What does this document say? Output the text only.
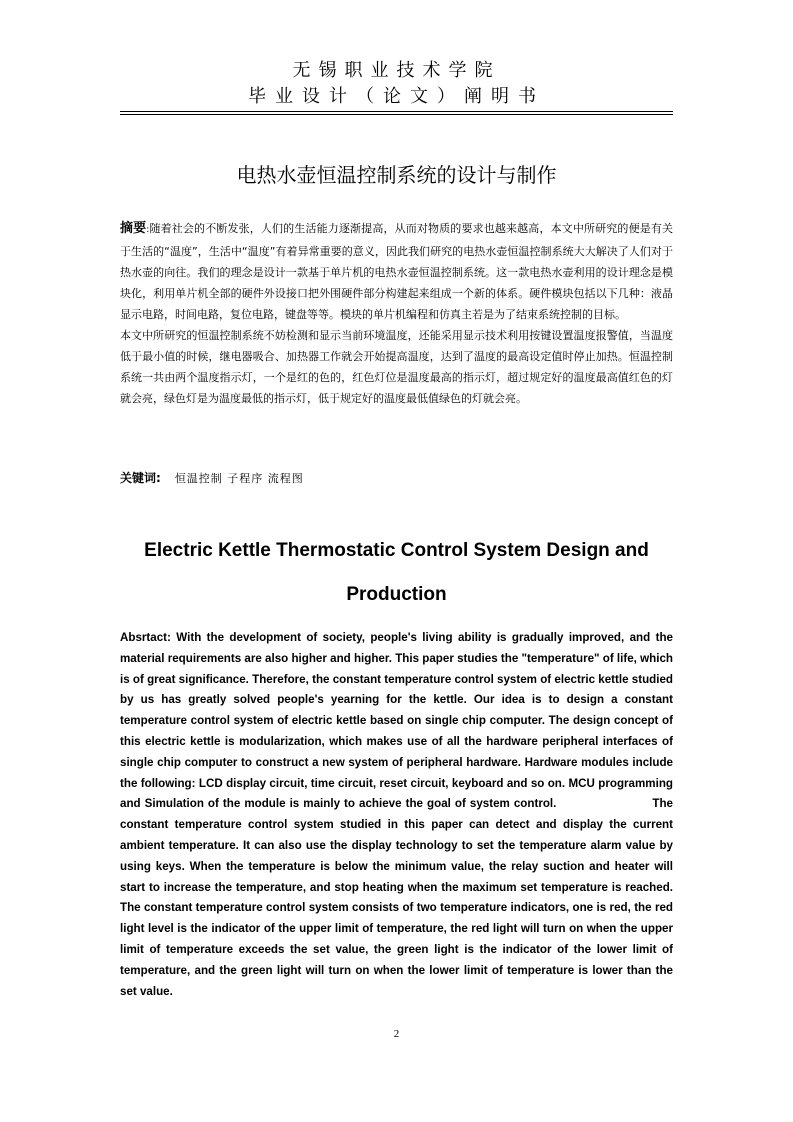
无锡职业技术学院
毕业设计（论文）阐明书
电热水壶恒温控制系统的设计与制作

摘要:随着社会的不断发张，人们的生活能力逐渐提高，从而对物质的要求也越来越高，本文中所研究的便是有关于生活的“温度”，生活中“温度”有着异常重要的意义，因此我们研究的电热水壶恒温控制系统大大解决了人们对于热水壶的向往。我们的理念是设计一款基于单片机的电热水壶恒温控制系统。这一款电热水壶利用的设计理念是模块化，利用单片机全部的硬件外设接口把外围硬件部分构建起来组成一个新的体系。硬件模块包括以下几种：液晶显示电路，时间电路，复位电路，键盘等等。模块的单片机编程和仿真主若是为了结束系统控制的目标。

本文中所研究的恒温控制系统不妨检测和显示当前环境温度，还能采用显示技术利用按键设置温度报警值，当温度低于最小值的时候，继电器吸合、加热器工作就会开始提高温度，达到了温度的最高设定值时停止加热。恒温控制系统一共由两个温度指示灯，一个是红的色的，红色灯位是温度最高的指示灯，超过规定好的温度最高值红色的灯就会亮，绿色灯是为温度最低的指示灯，低于规定好的温度最低值绿色的灯就会亮。

关键词: 恒温控制 子程序 流程图
Electric Kettle Thermostatic Control System Design and
Production

Absrtact: With the development of society, people's living ability is gradually improved, and the material requirements are also higher and higher. This paper studies the "temperature" of life, which is of great significance. Therefore, the constant temperature control system of electric kettle studied by us has greatly solved people's yearning for the kettle. Our idea is to design a constant temperature control system of electric kettle based on single chip computer. The design concept of this electric kettle is modularization, which makes use of all the hardware peripheral interfaces of single chip computer to construct a new system of peripheral hardware. Hardware modules include the following: LCD display circuit, time circuit, reset circuit, keyboard and so on. MCU programming and Simulation of the module is mainly to achieve the goal of system control.	The constant temperature control system studied in this paper can detect and display the current ambient temperature. It can also use the display technology to set the temperature alarm value by using keys. When the temperature is below the minimum value, the relay suction and heater will start to increase the temperature, and stop heating when the maximum set temperature is reached. The constant temperature control system consists of two temperature indicators, one is red, the red light level is the indicator of the upper limit of temperature, the red light will turn on when the upper limit of temperature exceeds the set value, the green light is the indicator of the lower limit of temperature, and the green light will turn on when the lower limit of temperature is lower than the set value.

2
